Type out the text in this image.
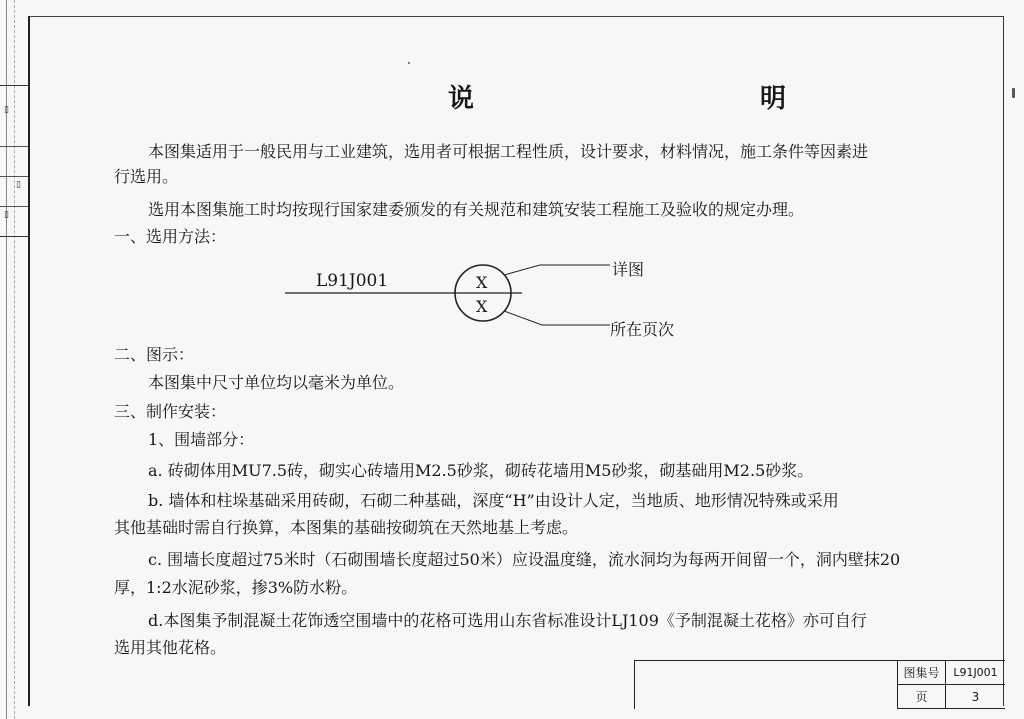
▯
▯
▯
说　　明
本图集适用于一般民用与工业建筑，选用者可根据工程性质，设计要求，材料情况，施工条件等因素进
行选用。
选用本图集施工时均按现行国家建委颁发的有关规范和建筑安装工程施工及验收的规定办理。
一、选用方法：
L91J001	X
X
详图
所在页次
二、图示：
本图集中尺寸单位均以毫米为单位。
三、制作安装：
1、围墙部分：
a. 砖砌体用MU7.5砖，砌实心砖墙用M2.5砂浆，砌砖花墙用M5砂浆，砌基础用M2.5砂浆。
b. 墙体和柱垛基础采用砖砌，石砌二种基础，深度“H”由设计人定，当地质、地形情况特殊或采用
其他基础时需自行换算，本图集的基础按砌筑在天然地基上考虑。
c. 围墙长度超过75米时（石砌围墙长度超过50米）应设温度缝，流水洞均为每两开间留一个，洞内壁抹20
厚，1:2水泥砂浆，掺3%防水粉。
d.本图集予制混凝土花饰透空围墙中的花格可选用山东省标准设计LJ109《予制混凝土花格》亦可自行
选用其他花格。
图集号	L91J001
页	3
